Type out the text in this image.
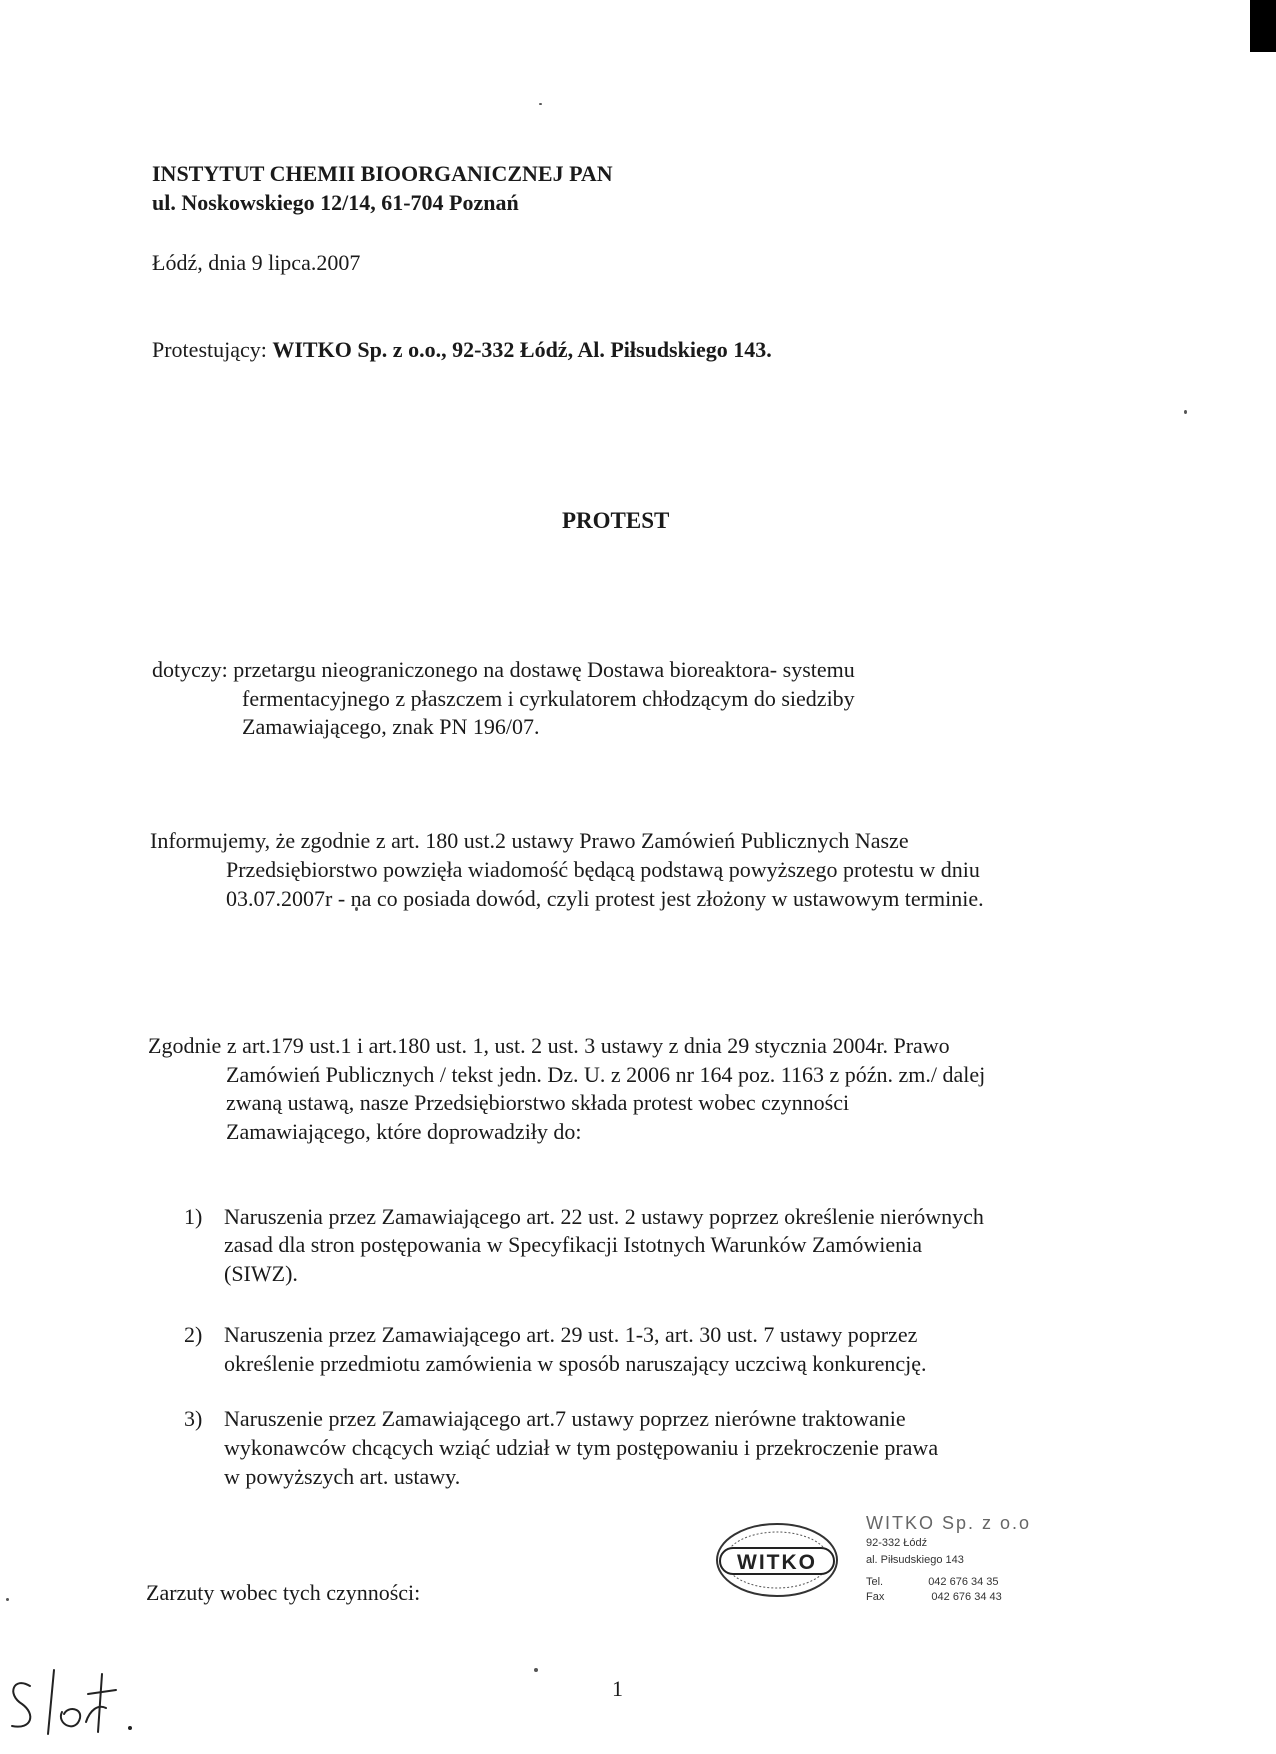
INSTYTUT CHEMII BIOORGANICZNEJ PAN
ul. Noskowskiego 12/14, 61-704 Poznań
Łódź, dnia 9 lipca.2007
Protestujący: WITKO Sp. z o.o., 92-332 Łódź, Al. Piłsudskiego 143.
PROTEST
dotyczy: przetargu nieograniczonego na dostawę Dostawa bioreaktora- systemu
fermentacyjnego z płaszczem i cyrkulatorem chłodzącym do siedziby
Zamawiającego, znak PN 196/07.
Informujemy, że zgodnie z art. 180 ust.2 ustawy Prawo Zamówień Publicznych Nasze
Przedsiębiorstwo powzięła wiadomość będącą podstawą powyższego protestu w dniu
03.07.2007r - na co posiada dowód, czyli protest jest złożony w ustawowym terminie.
Zgodnie z art.179 ust.1 i art.180 ust. 1, ust. 2 ust. 3 ustawy z dnia 29 stycznia 2004r. Prawo
Zamówień Publicznych / tekst jedn. Dz. U. z 2006 nr 164 poz. 1163 z późn. zm./ dalej
zwaną ustawą, nasze Przedsiębiorstwo składa protest wobec czynności
Zamawiającego, które doprowadziły do:
1) Naruszenia przez Zamawiającego art. 22 ust. 2 ustawy poprzez określenie nierównych
zasad dla stron postępowania w Specyfikacji Istotnych Warunków Zamówienia
(SIWZ).
2) Naruszenia przez Zamawiającego art. 29 ust. 1-3, art. 30 ust. 7 ustawy poprzez
określenie przedmiotu zamówienia w sposób naruszający uczciwą konkurencję.
3) Naruszenie przez Zamawiającego art.7 ustawy poprzez nierówne traktowanie
wykonawców chcących wziąć udział w tym postępowaniu i przekroczenie prawa
w powyższych art. ustawy.
Zarzuty wobec tych czynności:
WITKO
WITKO Sp. z o.o
92-332 Łódź
al. Piłsudskiego 143
Tel.	042 676 34 35
Fax	042 676 34 43
1
